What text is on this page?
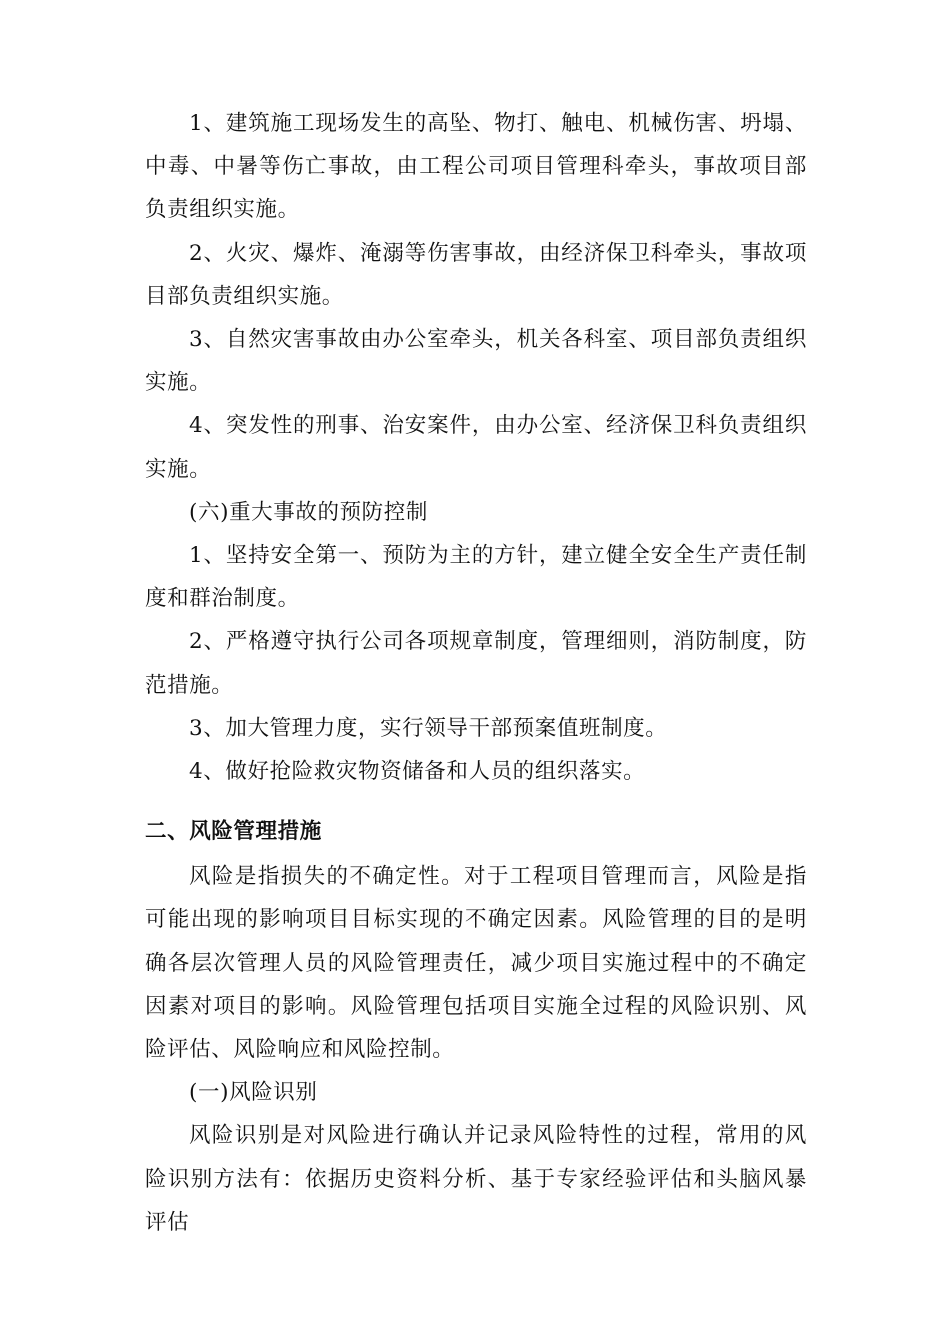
1、建筑施工现场发生的高坠、物打、触电、机械伤害、坍塌、中毒、中暑等伤亡事故，由工程公司项目管理科牵头，事故项目部负责组织实施。

2、火灾、爆炸、淹溺等伤害事故，由经济保卫科牵头，事故项目部负责组织实施。

3、自然灾害事故由办公室牵头，机关各科室、项目部负责组织实施。

4、突发性的刑事、治安案件，由办公室、经济保卫科负责组织实施。

(六)重大事故的预防控制

1、坚持安全第一、预防为主的方针，建立健全安全生产责任制度和群治制度。

2、严格遵守执行公司各项规章制度，管理细则，消防制度，防范措施。

3、加大管理力度，实行领导干部预案值班制度。

4、做好抢险救灾物资储备和人员的组织落实。

二、风险管理措施

风险是指损失的不确定性。对于工程项目管理而言，风险是指可能出现的影响项目目标实现的不确定因素。风险管理的目的是明确各层次管理人员的风险管理责任，减少项目实施过程中的不确定因素对项目的影响。风险管理包括项目实施全过程的风险识别、风险评估、风险响应和风险控制。

(一)风险识别

风险识别是对风险进行确认并记录风险特性的过程，常用的风险识别方法有：依据历史资料分析、基于专家经验评估和头脑风暴评估
